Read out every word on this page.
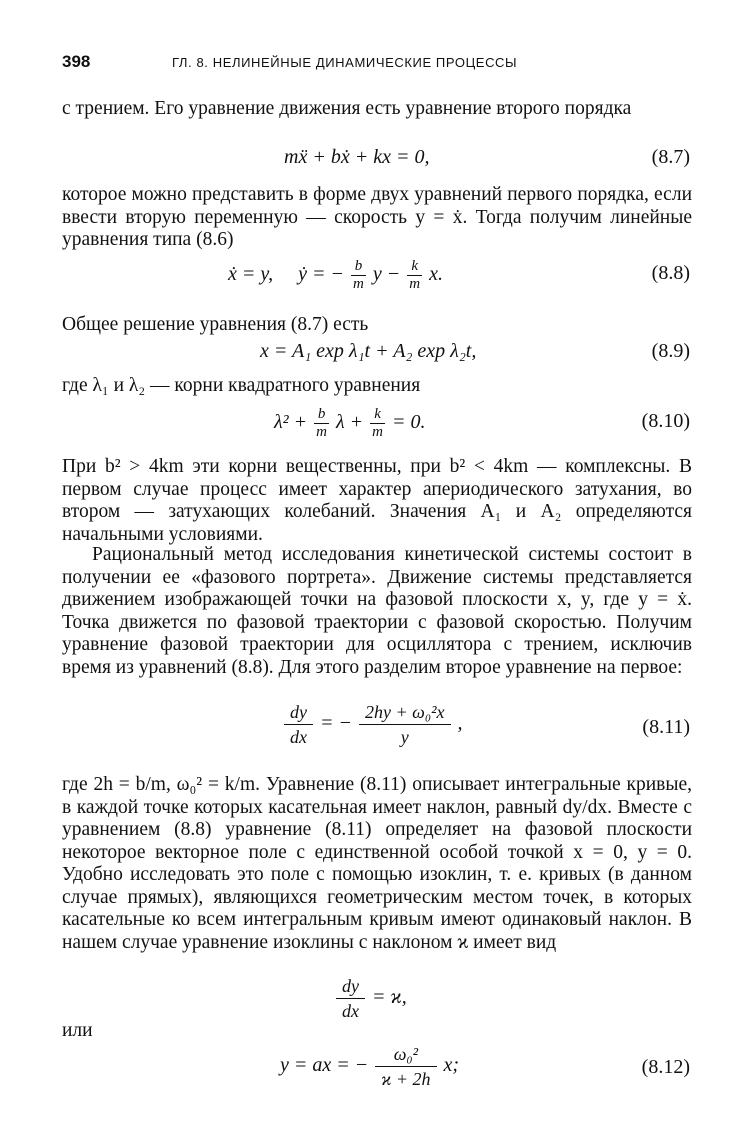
398	ГЛ. 8. НЕЛИНЕЙНЫЕ ДИНАМИЧЕСКИЕ ПРОЦЕССЫ
с трением. Его уравнение движения есть уравнение второго порядка
mẍ + bẋ + kx = 0,	(8.7)
которое можно представить в форме двух уравнений первого порядка, если ввести вторую переменную — скорость y = ẋ. Тогда получим линейные уравнения типа (8.6)
ẋ = y, ẏ = − $\frac{b}{m}$ $y - \frac{k}{m} x$.	(8.8)
Общее решение уравнения (8.7) есть
x = A₁ exp λ₁t + A₂ exp λ₂t,	(8.9)
где λ₁ и λ₂ — корни квадратного уравнения
$\lambda^2 + \frac{b}{m}$ $\lambda + \frac{k}{m} = 0$.	(8.10)
При b² > 4km эти корни вещественны, при b² < 4km — комплексны. В первом случае процесс имеет характер апериодического затухания, во втором — затухающих колебаний. Значения A₁ и A₂ определяются начальными условиями.
Рациональный метод исследования кинетической системы состоит в получении ее «фазового портрета». Движение системы представляется движением изображающей точки на фазовой плоскости x, y, где y = ẋ. Точка движется по фазовой траектории с фазовой скоростью. Получим уравнение фазовой траектории для осциллятора с трением, исключив время из уравнений (8.8). Для этого разделим второе уравнение на первое:
$\frac{dy}{dx}$ = − $\frac{\text{2hy + ω₀²x}}{y}$ ,	(8.11)
где 2h = b/m, ω₀² = k/m. Уравнение (8.11) описывает интегральные кривые, в каждой точке которых касательная имеет наклон, равный dy/dx. Вместе с уравнением (8.8) уравнение (8.11) определяет на фазовой плоскости некоторое векторное поле с единственной особой точкой x = 0, y = 0. Удобно исследовать это поле с помощью изоклин, т. е. кривых (в данном случае прямых), являющихся геометрическим местом точек, в которых касательные ко всем интегральным кривым имеют одинаковый наклон. В нашем случае уравнение изоклины с наклоном ϰ имеет вид
$\frac{dy}{dx} = ϰ$,
или
y = ax = − $\frac{\text{ω₀²}}{ϰ + 2h} x$;	(8.12)
